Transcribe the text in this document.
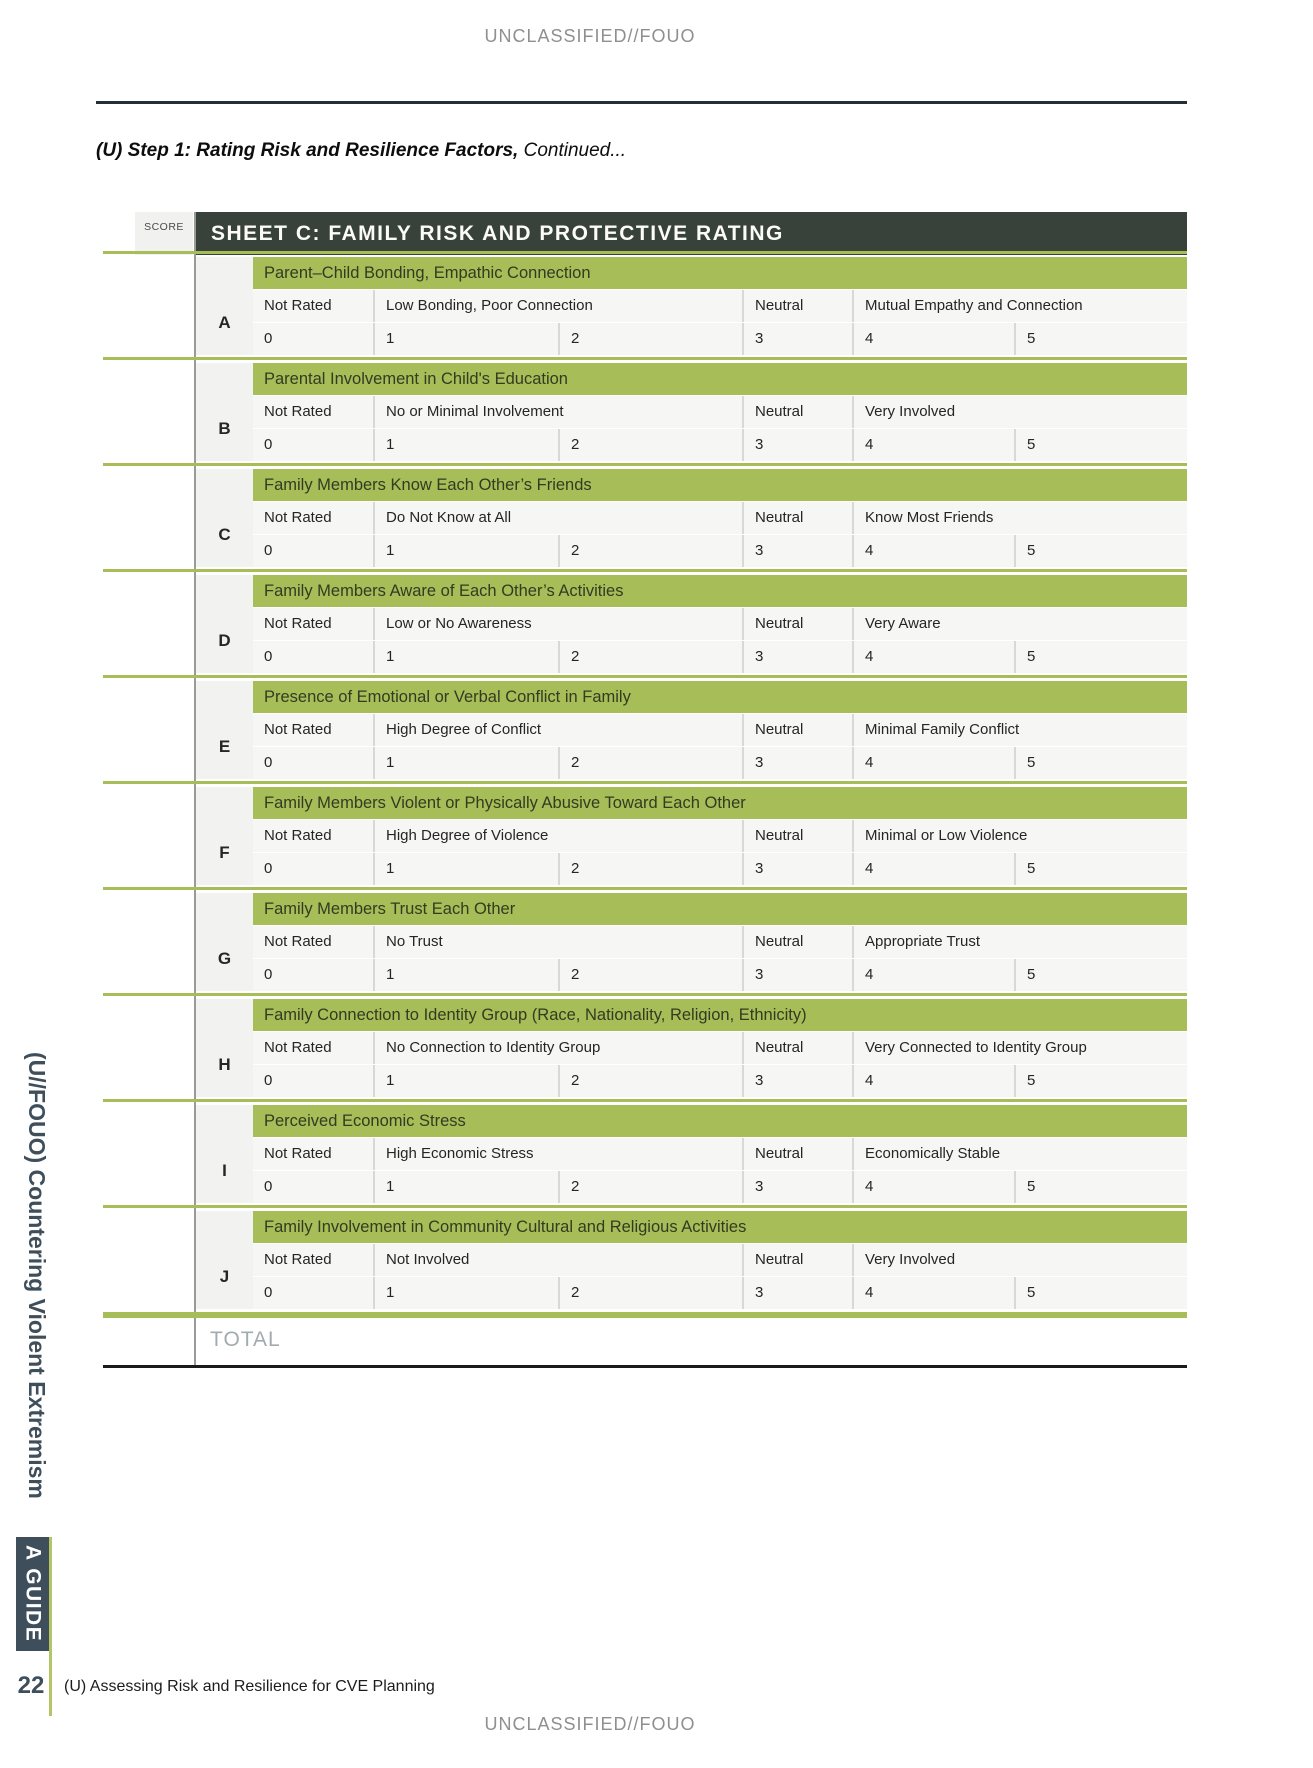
UNCLASSIFIED//FOUO
(U) Step 1: Rating Risk and Resilience Factors, Continued...
SCORE	SHEET C: FAMILY RISK AND PROTECTIVE RATING
A
Parent–Child Bonding, Empathic Connection
Not Rated	Low Bonding, Poor Connection	Neutral	Mutual Empathy and Connection
0	1	2	3	4	5
B
Parental Involvement in Child's Education
Not Rated	No or Minimal Involvement	Neutral	Very Involved
0	1	2	3	4	5
C
Family Members Know Each Other’s Friends
Not Rated	Do Not Know at All	Neutral	Know Most Friends
0	1	2	3	4	5
D
Family Members Aware of Each Other’s Activities
Not Rated	Low or No Awareness	Neutral	Very Aware
0	1	2	3	4	5
E
Presence of Emotional or Verbal Conflict in Family
Not Rated	High Degree of Conflict	Neutral	Minimal Family Conflict
0	1	2	3	4	5
F
Family Members Violent or Physically Abusive Toward Each Other
Not Rated	High Degree of Violence	Neutral	Minimal or Low Violence
0	1	2	3	4	5
G
Family Members Trust Each Other
Not Rated	No Trust	Neutral	Appropriate Trust
0	1	2	3	4	5
H
Family Connection to Identity Group (Race, Nationality, Religion, Ethnicity)
Not Rated	No Connection to Identity Group	Neutral	Very Connected to Identity Group
0	1	2	3	4	5
I
Perceived Economic Stress
Not Rated	High Economic Stress	Neutral	Economically Stable
0	1	2	3	4	5
J
Family Involvement in Community Cultural and Religious Activities
Not Rated	Not Involved	Neutral	Very Involved
0	1	2	3	4	5
TOTAL
(U//FOUO) Countering Violent Extremism
A GUIDE
22 (U) Assessing Risk and Resilience for CVE Planning
UNCLASSIFIED//FOUO
